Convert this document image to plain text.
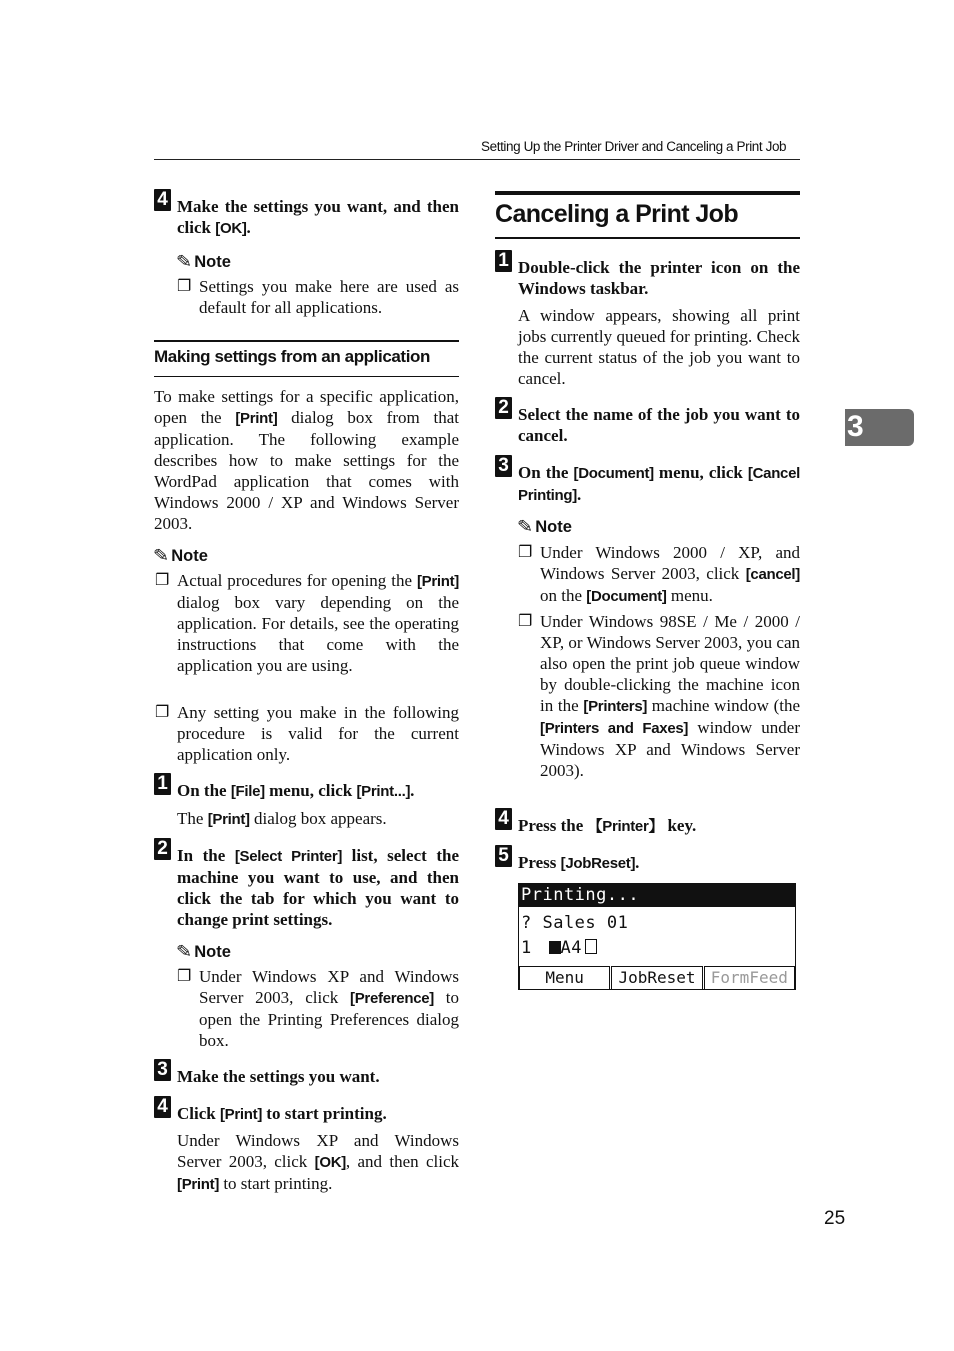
Setting Up the Printer Driver and Canceling a Print Job
3
4 Make the settings you want, and then click [OK].
✎ Note
❐ Settings you make here are used as default for all applications.
Making settings from an application
To make settings for a specific application, open the [Print] dialog box from that application. The following example describes how to make settings for the WordPad application that comes with Windows 2000 / XP and Windows Server 2003.
✎ Note
❐ Actual procedures for opening the [Print] dialog box vary depending on the application. For details, see the operating instructions that come with the application you are using.
❐ Any setting you make in the following procedure is valid for the current application only.
1 On the [File] menu, click [Print...].
The [Print] dialog box appears.
2 In the [Select Printer] list, select the machine you want to use, and then click the tab for which you want to change print settings.
✎ Note
❐ Under Windows XP and Windows Server 2003, click [Preference] to open the Printing Preferences dialog box.
3 Make the settings you want.
4 Click [Print] to start printing.
Under Windows XP and Windows Server 2003, click [OK], and then click [Print] to start printing.
Canceling a Print Job
1 Double-click the printer icon on the Windows taskbar.
A window appears, showing all print jobs currently queued for printing. Check the current status of the job you want to cancel.
2 Select the name of the job you want to cancel.
3 On the [Document] menu, click [Cancel Printing].
✎ Note
❐ Under Windows 2000 / XP, and Windows Server 2003, click [cancel] on the [Document] menu.
❐ Under Windows 98SE / Me / 2000 / XP, or Windows Server 2003, you can also open the print job queue window by double-clicking the machine icon in the [Printers] machine window (the [Printers and Faxes] window under Windows XP and Windows Server 2003).
4 Press the 【Printer】 key.
5 Press [JobReset].
Printing...
? Sales 01
1 A4
Menu	JobReset FormFeed
25
